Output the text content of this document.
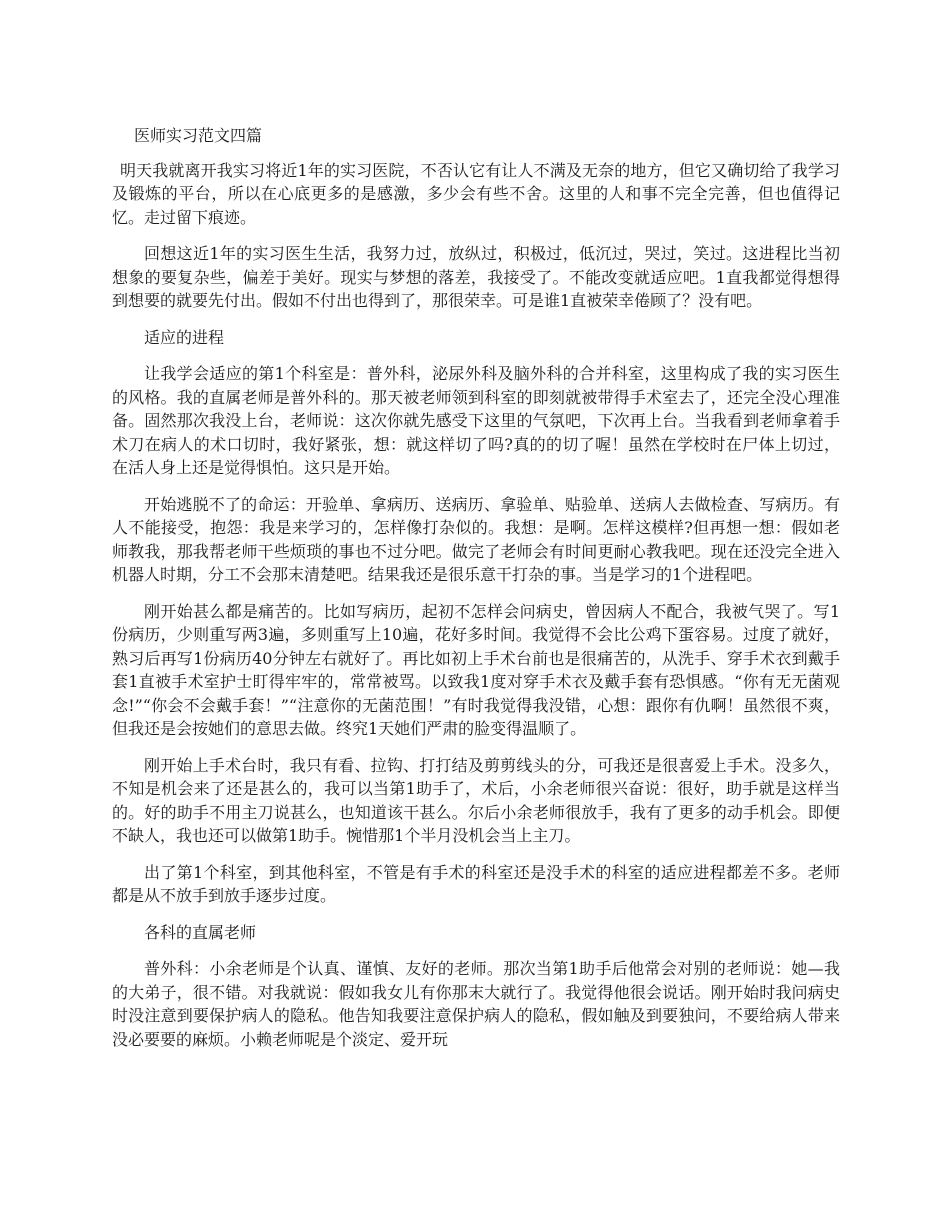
医师实习范文四篇

明天我就离开我实习将近1年的实习医院，不否认它有让人不满及无奈的地方，但它又确切给了我学习及锻炼的平台，所以在心底更多的是感激，多少会有些不舍。这里的人和事不完全完善，但也值得记忆。走过留下痕迹。

回想这近1年的实习医生生活，我努力过，放纵过，积极过，低沉过，哭过，笑过。这进程比当初想象的要复杂些，偏差于美好。现实与梦想的落差，我接受了。不能改变就适应吧。1直我都觉得想得到想要的就要先付出。假如不付出也得到了，那很荣幸。可是谁1直被荣幸倦顾了？没有吧。

适应的进程

让我学会适应的第1个科室是：普外科，泌尿外科及脑外科的合并科室，这里构成了我的实习医生的风格。我的直属老师是普外科的。那天被老师领到科室的即刻就被带得手术室去了，还完全没心理准备。固然那次我没上台，老师说：这次你就先感受下这里的气氛吧，下次再上台。当我看到老师拿着手术刀在病人的术口切时，我好紧张，想：就这样切了吗?真的的切了喔！虽然在学校时在尸体上切过，在活人身上还是觉得惧怕。这只是开始。

开始逃脱不了的命运：开验单、拿病历、送病历、拿验单、贴验单、送病人去做检查、写病历。有人不能接受，抱怨：我是来学习的，怎样像打杂似的。我想：是啊。怎样这模样?但再想一想：假如老师教我，那我帮老师干些烦琐的事也不过分吧。做完了老师会有时间更耐心教我吧。现在还没完全进入机器人时期，分工不会那末清楚吧。结果我还是很乐意干打杂的事。当是学习的1个进程吧。

刚开始甚么都是痛苦的。比如写病历，起初不怎样会问病史，曾因病人不配合，我被气哭了。写1份病历，少则重写两3遍，多则重写上10遍，花好多时间。我觉得不会比公鸡下蛋容易。过度了就好，熟习后再写1份病历40分钟左右就好了。再比如初上手术台前也是很痛苦的，从洗手、穿手术衣到戴手套1直被手术室护士盯得牢牢的，常常被骂。以致我1度对穿手术衣及戴手套有恐惧感。“你有无无菌观念!”“你会不会戴手套！”“注意你的无菌范围！”有时我觉得我没错，心想：跟你有仇啊！虽然很不爽，但我还是会按她们的意思去做。终究1天她们严肃的脸变得温顺了。

刚开始上手术台时，我只有看、拉钩、打打结及剪剪线头的分，可我还是很喜爱上手术。没多久，不知是机会来了还是甚么的，我可以当第1助手了，术后，小余老师很兴奋说：很好，助手就是这样当的。好的助手不用主刀说甚么，也知道该干甚么。尔后小余老师很放手，我有了更多的动手机会。即便不缺人，我也还可以做第1助手。惋惜那1个半月没机会当上主刀。

出了第1个科室，到其他科室，不管是有手术的科室还是没手术的科室的适应进程都差不多。老师都是从不放手到放手逐步过度。

各科的直属老师

普外科：小余老师是个认真、谨慎、友好的老师。那次当第1助手后他常会对别的老师说：她—我的大弟子，很不错。对我就说：假如我女儿有你那末大就行了。我觉得他很会说话。刚开始时我问病史时没注意到要保护病人的隐私。他告知我要注意保护病人的隐私，假如触及到要独问，不要给病人带来没必要要的麻烦。小赖老师呢是个淡定、爱开玩
